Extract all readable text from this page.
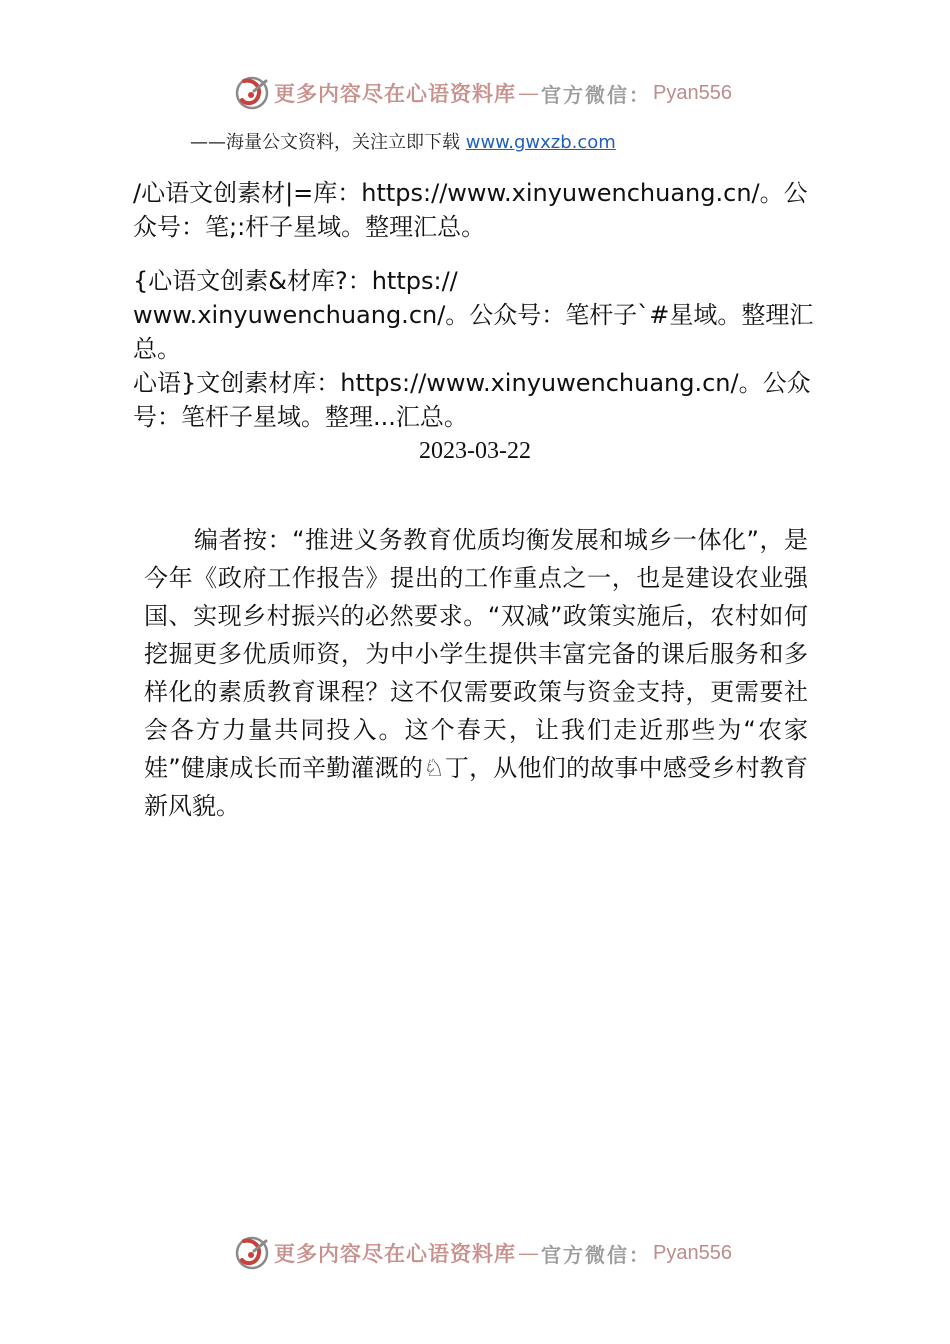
更多内容尽在心语资料库 — 官方微信： Pyan556
——海量公文资料，关注立即下载 www.gwxzb.com
/心语文创素材|=库：https://www.xinyuwenchuang.cn/。公众号：笔;:杆子星域。整理汇总。
{心语文创素&材库?：https://
www.xinyuwenchuang.cn/。公众号：笔杆子`#星域。整理汇总。
心语}文创素材库：https://www.xinyuwenchuang.cn/。公众号：笔杆子星域。整理...汇总。
2023-03-22
编者按：“推进义务教育优质均衡发展和城乡一体化”，是今年《政府工作报告》提出的工作重点之一，也是建设农业强国、实现乡村振兴的必然要求。“双减”政策实施后，农村如何挖掘更多优质师资，为中小学生提供丰富完备的课后服务和多样化的素质教育课程？这不仅需要政策与资金支持，更需要社会各方力量共同投入。这个春天，让我们走近那些为“农家娃”健康成长而辛勤灌溉的♘丁，从他们的故事中感受乡村教育新风貌。
更多内容尽在心语资料库 — 官方微信： Pyan556
